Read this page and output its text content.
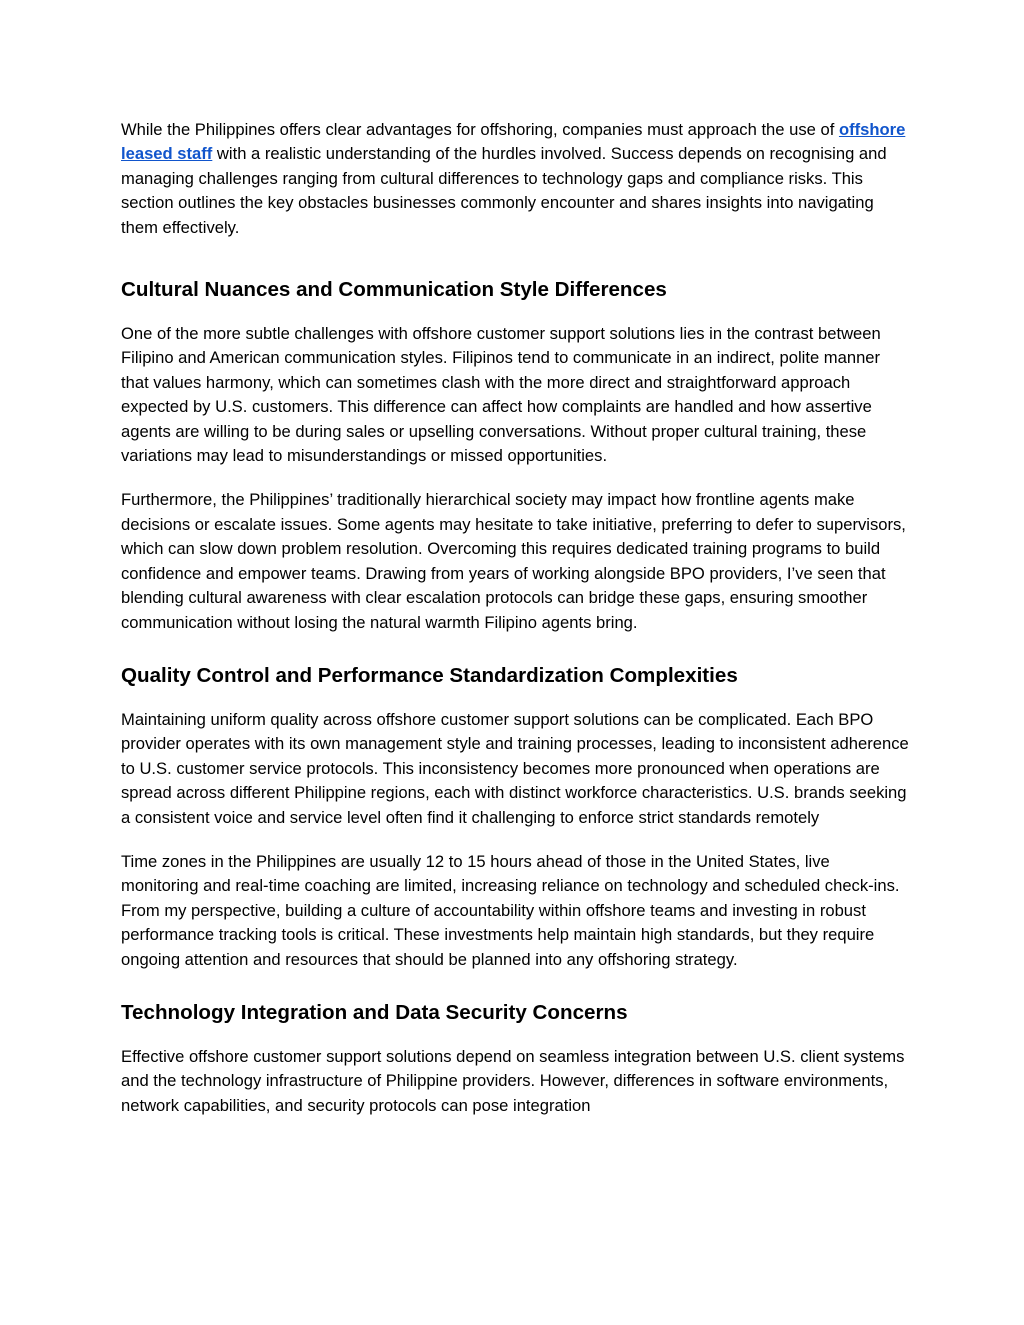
While the Philippines offers clear advantages for offshoring, companies must approach the use of offshore leased staff with a realistic understanding of the hurdles involved. Success depends on recognising and managing challenges ranging from cultural differences to technology gaps and compliance risks. This section outlines the key obstacles businesses commonly encounter and shares insights into navigating them effectively.

Cultural Nuances and Communication Style Differences

One of the more subtle challenges with offshore customer support solutions lies in the contrast between Filipino and American communication styles. Filipinos tend to communicate in an indirect, polite manner that values harmony, which can sometimes clash with the more direct and straightforward approach expected by U.S. customers. This difference can affect how complaints are handled and how assertive agents are willing to be during sales or upselling conversations. Without proper cultural training, these variations may lead to misunderstandings or missed opportunities.

Furthermore, the Philippines’ traditionally hierarchical society may impact how frontline agents make decisions or escalate issues. Some agents may hesitate to take initiative, preferring to defer to supervisors, which can slow down problem resolution. Overcoming this requires dedicated training programs to build confidence and empower teams. Drawing from years of working alongside BPO providers, I’ve seen that blending cultural awareness with clear escalation protocols can bridge these gaps, ensuring smoother communication without losing the natural warmth Filipino agents bring.

Quality Control and Performance Standardization Complexities

Maintaining uniform quality across offshore customer support solutions can be complicated. Each BPO provider operates with its own management style and training processes, leading to inconsistent adherence to U.S. customer service protocols. This inconsistency becomes more pronounced when operations are spread across different Philippine regions, each with distinct workforce characteristics. U.S. brands seeking a consistent voice and service level often find it challenging to enforce strict standards remotely

Time zones in the Philippines are usually 12 to 15 hours ahead of those in the United States, live monitoring and real-time coaching are limited, increasing reliance on technology and scheduled check-ins. From my perspective, building a culture of accountability within offshore teams and investing in robust performance tracking tools is critical. These investments help maintain high standards, but they require ongoing attention and resources that should be planned into any offshoring strategy.

Technology Integration and Data Security Concerns

Effective offshore customer support solutions depend on seamless integration between U.S. client systems and the technology infrastructure of Philippine providers. However, differences in software environments, network capabilities, and security protocols can pose integration
